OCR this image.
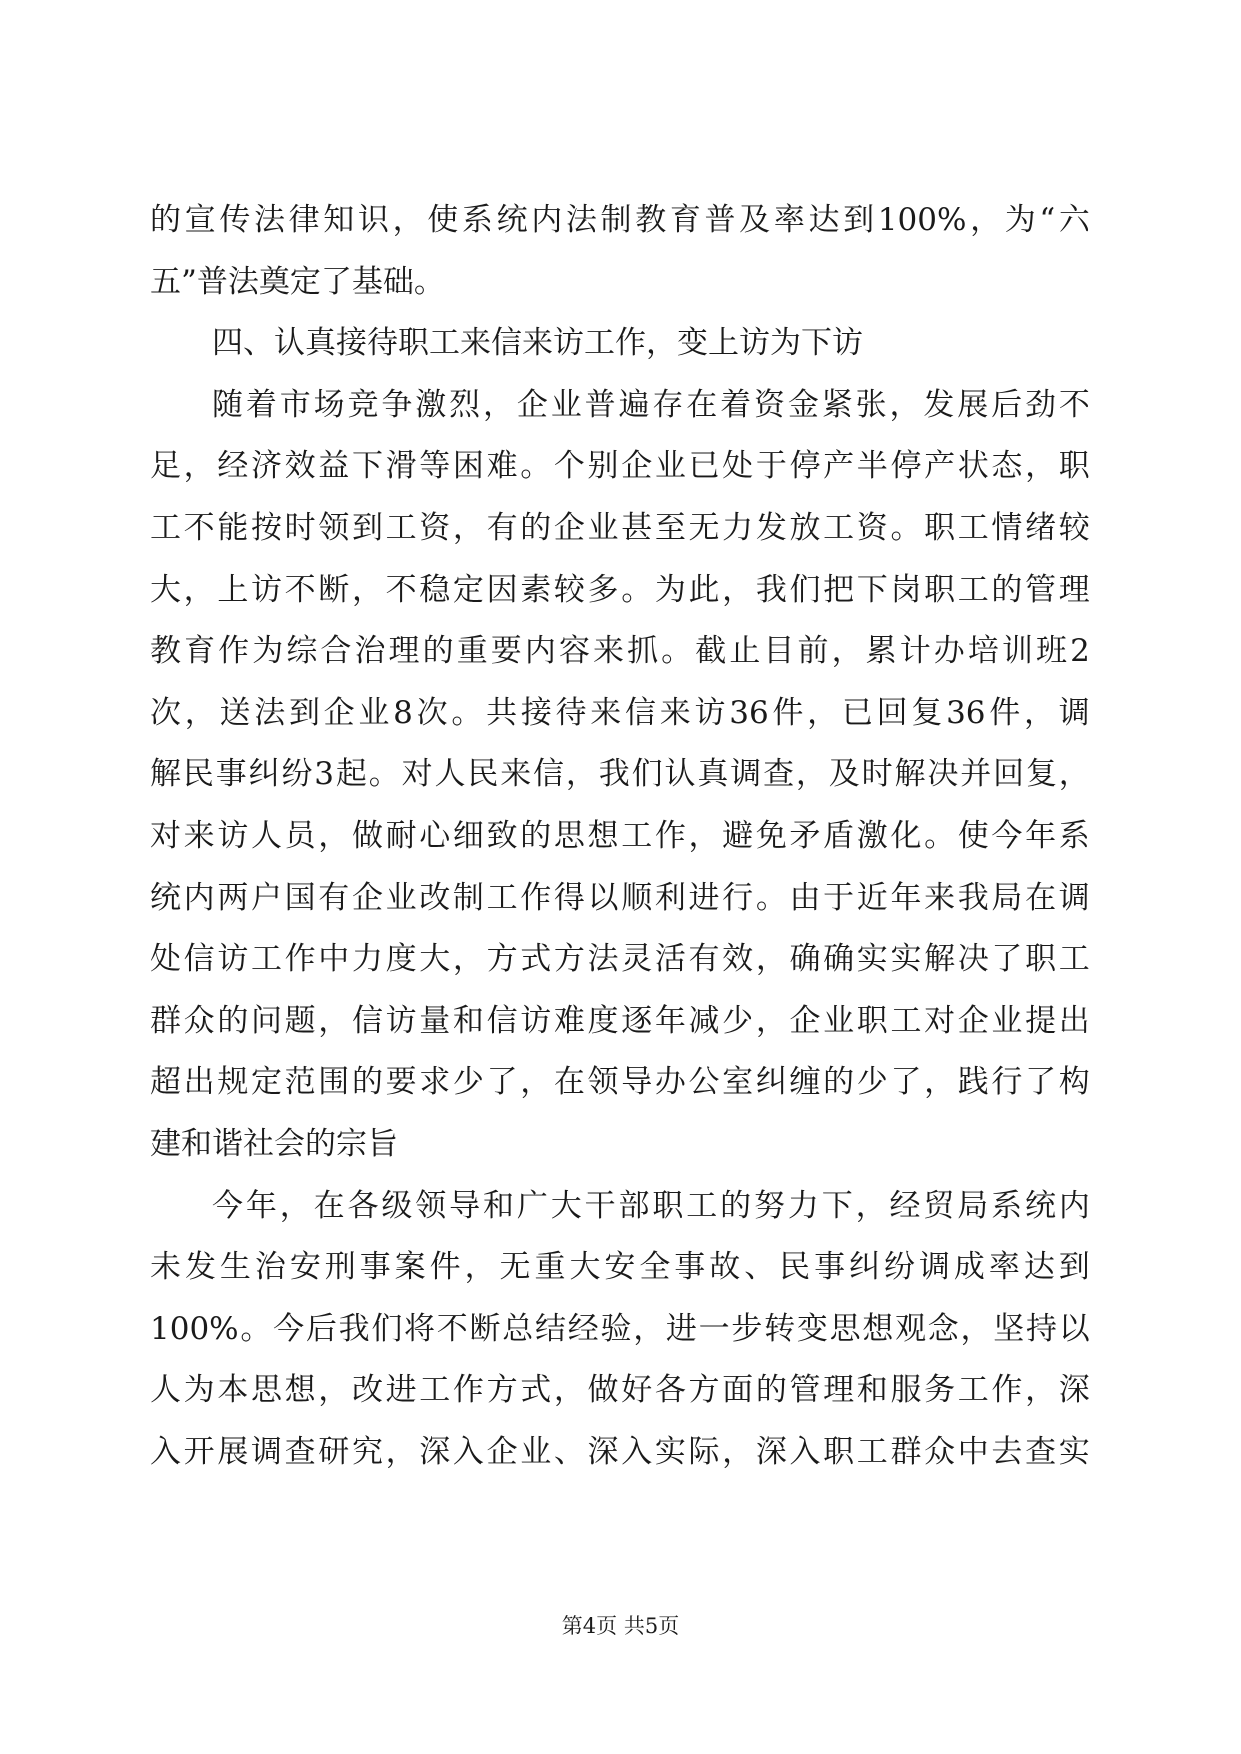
的 宣 传 法 律 知 识 ， 使 系 统 内 法 制 教 育 普 及 率 达 到 100% ， 为 “ 六
五”普法奠定了基础。
四、认真接待职工来信来访工作，变上访为下访
随 着 市 场 竞 争 激 烈 ， 企 业 普 遍 存 在 着 资 金 紧 张 ， 发 展 后 劲 不
足 ， 经 济 效 益 下 滑 等 困 难 。 个 别 企 业 已 处 于 停 产 半 停 产 状 态 ， 职
工 不 能 按 时 领 到 工 资 ， 有 的 企 业 甚 至 无 力 发 放 工 资 。 职 工 情 绪 较
大 ， 上 访 不 断 ， 不 稳 定 因 素 较 多 。 为 此 ， 我 们 把 下 岗 职 工 的 管 理
教 育 作 为 综 合 治 理 的 重 要 内 容 来 抓 。 截 止 目 前 ， 累 计 办 培 训 班 2
次 ， 送 法 到 企 业 8 次 。 共 接 待 来 信 来 访 36 件 ， 已 回 复 36 件 ， 调
解 民 事 纠 纷 3 起 。 对 人 民 来 信 ， 我 们 认 真 调 查 ， 及 时 解 决 并 回 复 ，
对 来 访 人 员 ， 做 耐 心 细 致 的 思 想 工 作 ， 避 免 矛 盾 激 化 。 使 今 年 系
统 内 两 户 国 有 企 业 改 制 工 作 得 以 顺 利 进 行 。 由 于 近 年 来 我 局 在 调
处 信 访 工 作 中 力 度 大 ， 方 式 方 法 灵 活 有 效 ， 确 确 实 实 解 决 了 职 工
群 众 的 问 题 ， 信 访 量 和 信 访 难 度 逐 年 减 少 ， 企 业 职 工 对 企 业 提 出
超 出 规 定 范 围 的 要 求 少 了 ， 在 领 导 办 公 室 纠 缠 的 少 了 ， 践 行 了 构
建和谐社会的宗旨
今 年 ， 在 各 级 领 导 和 广 大 干 部 职 工 的 努 力 下 ， 经 贸 局 系 统 内
未 发 生 治 安 刑 事 案 件 ， 无 重 大 安 全 事 故 、 民 事 纠 纷 调 成 率 达 到
100% 。 今 后 我 们 将 不 断 总 结 经 验 ， 进 一 步 转 变 思 想 观 念 ， 坚 持 以
人 为 本 思 想 ， 改 进 工 作 方 式 ， 做 好 各 方 面 的 管 理 和 服 务 工 作 ， 深
入 开 展 调 查 研 究 ， 深 入 企 业 、 深 入 实 际 ， 深 入 职 工 群 众 中 去 查 实
第4页 共5页
